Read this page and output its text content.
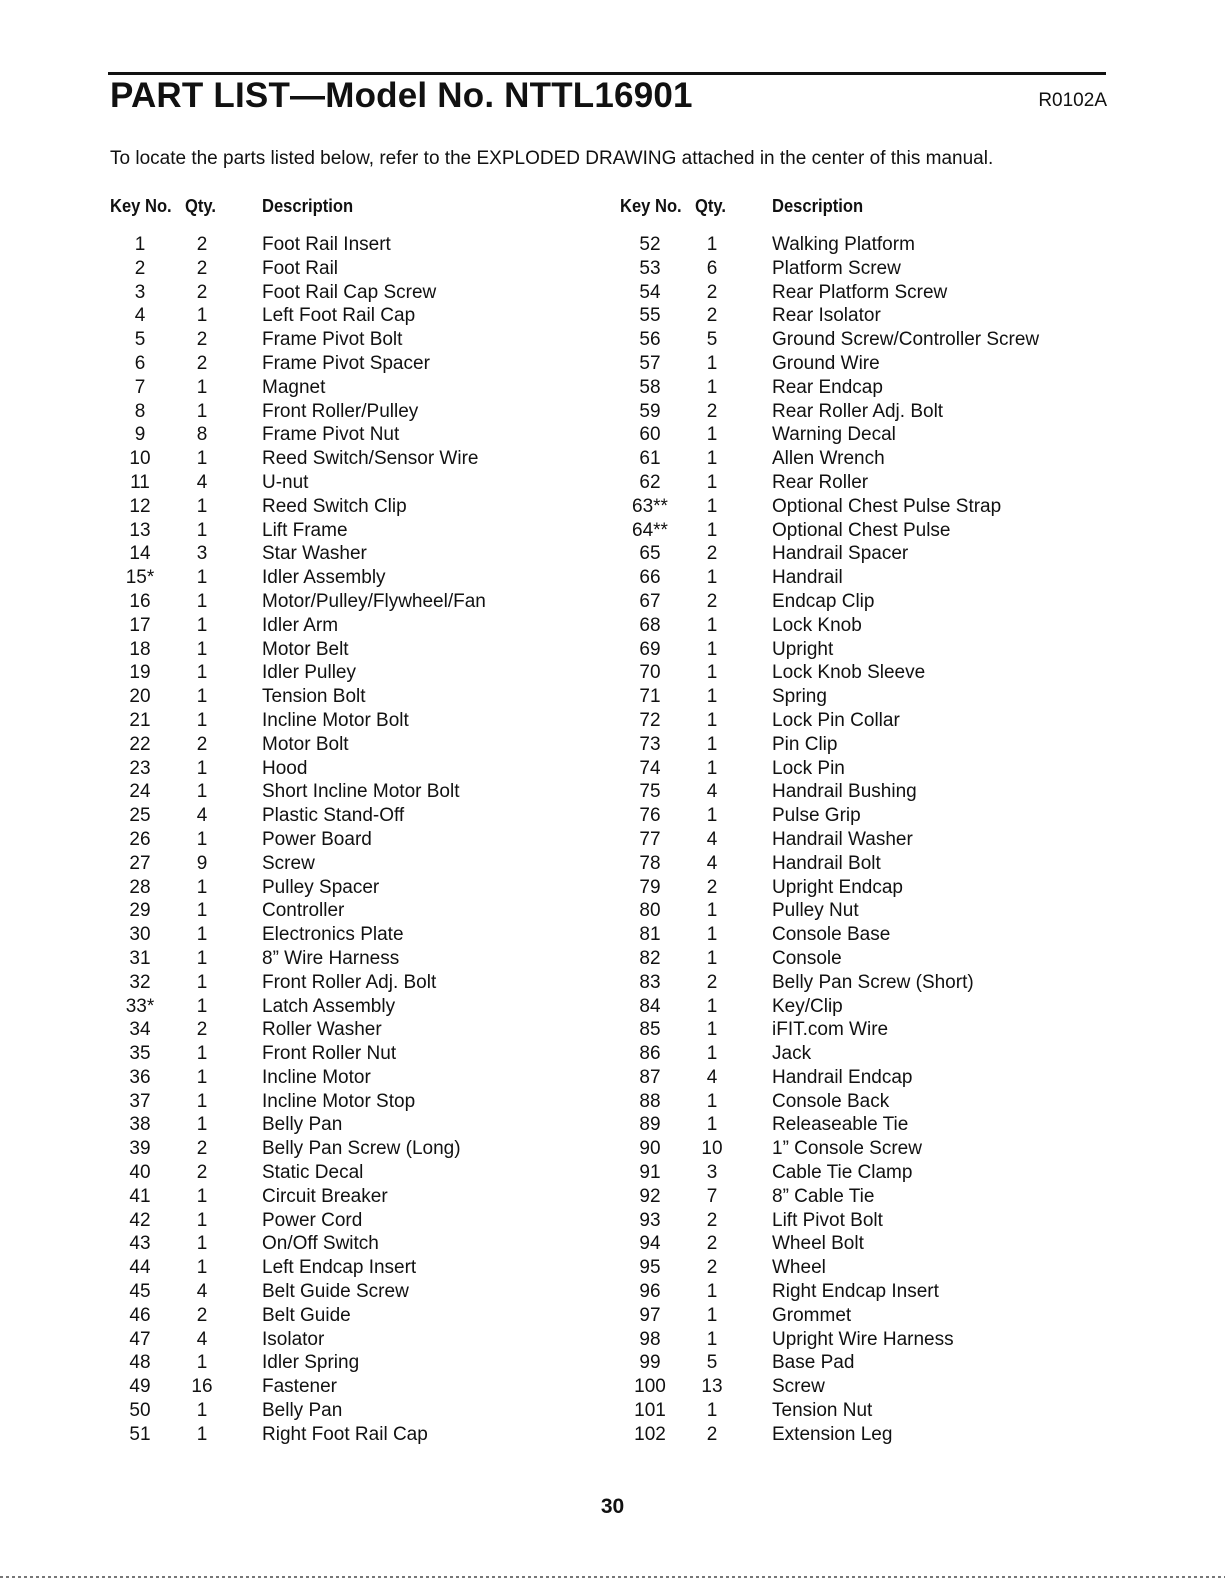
PART LIST—Model No. NTTL16901	R0102A
To locate the parts listed below, refer to the EXPLODED DRAWING attached in the center of this manual.
Key No. Qty.	Description	Key No. Qty.	Description
1	2	Foot Rail Insert
2	2	Foot Rail
3	2	Foot Rail Cap Screw
4	1	Left Foot Rail Cap
5	2	Frame Pivot Bolt
6	2	Frame Pivot Spacer
7	1	Magnet
8	1	Front Roller/Pulley
9	8	Frame Pivot Nut
10	1	Reed Switch/Sensor Wire
11	4	U-nut
12	1	Reed Switch Clip
13	1	Lift Frame
14	3	Star Washer
15*	1	Idler Assembly
16	1	Motor/Pulley/Flywheel/Fan
17	1	Idler Arm
18	1	Motor Belt
19	1	Idler Pulley
20	1	Tension Bolt
21	1	Incline Motor Bolt
22	2	Motor Bolt
23	1	Hood
24	1	Short Incline Motor Bolt
25	4	Plastic Stand-Off
26	1	Power Board
27	9	Screw
28	1	Pulley Spacer
29	1	Controller
30	1	Electronics Plate
31	1	8” Wire Harness
32	1	Front Roller Adj. Bolt
33*	1	Latch Assembly
34	2	Roller Washer
35	1	Front Roller Nut
36	1	Incline Motor
37	1	Incline Motor Stop
38	1	Belly Pan
39	2	Belly Pan Screw (Long)
40	2	Static Decal
41	1	Circuit Breaker
42	1	Power Cord
43	1	On/Off Switch
44	1	Left Endcap Insert
45	4	Belt Guide Screw
46	2	Belt Guide
47	4	Isolator
48	1	Idler Spring
49	16	Fastener
50	1	Belly Pan
51	1	Right Foot Rail Cap
52	1	Walking Platform
53	6	Platform Screw
54	2	Rear Platform Screw
55	2	Rear Isolator
56	5	Ground Screw/Controller Screw
57	1	Ground Wire
58	1	Rear Endcap
59	2	Rear Roller Adj. Bolt
60	1	Warning Decal
61	1	Allen Wrench
62	1	Rear Roller
63**	1	Optional Chest Pulse Strap
64**	1	Optional Chest Pulse
65	2	Handrail Spacer
66	1	Handrail
67	2	Endcap Clip
68	1	Lock Knob
69	1	Upright
70	1	Lock Knob Sleeve
71	1	Spring
72	1	Lock Pin Collar
73	1	Pin Clip
74	1	Lock Pin
75	4	Handrail Bushing
76	1	Pulse Grip
77	4	Handrail Washer
78	4	Handrail Bolt
79	2	Upright Endcap
80	1	Pulley Nut
81	1	Console Base
82	1	Console
83	2	Belly Pan Screw (Short)
84	1	Key/Clip
85	1	iFIT.com Wire
86	1	Jack
87	4	Handrail Endcap
88	1	Console Back
89	1	Releaseable Tie
90	10	1” Console Screw
91	3	Cable Tie Clamp
92	7	8” Cable Tie
93	2	Lift Pivot Bolt
94	2	Wheel Bolt
95	2	Wheel
96	1	Right Endcap Insert
97	1	Grommet
98	1	Upright Wire Harness
99	5	Base Pad
100	13	Screw
101	1	Tension Nut
102	2	Extension Leg
30
